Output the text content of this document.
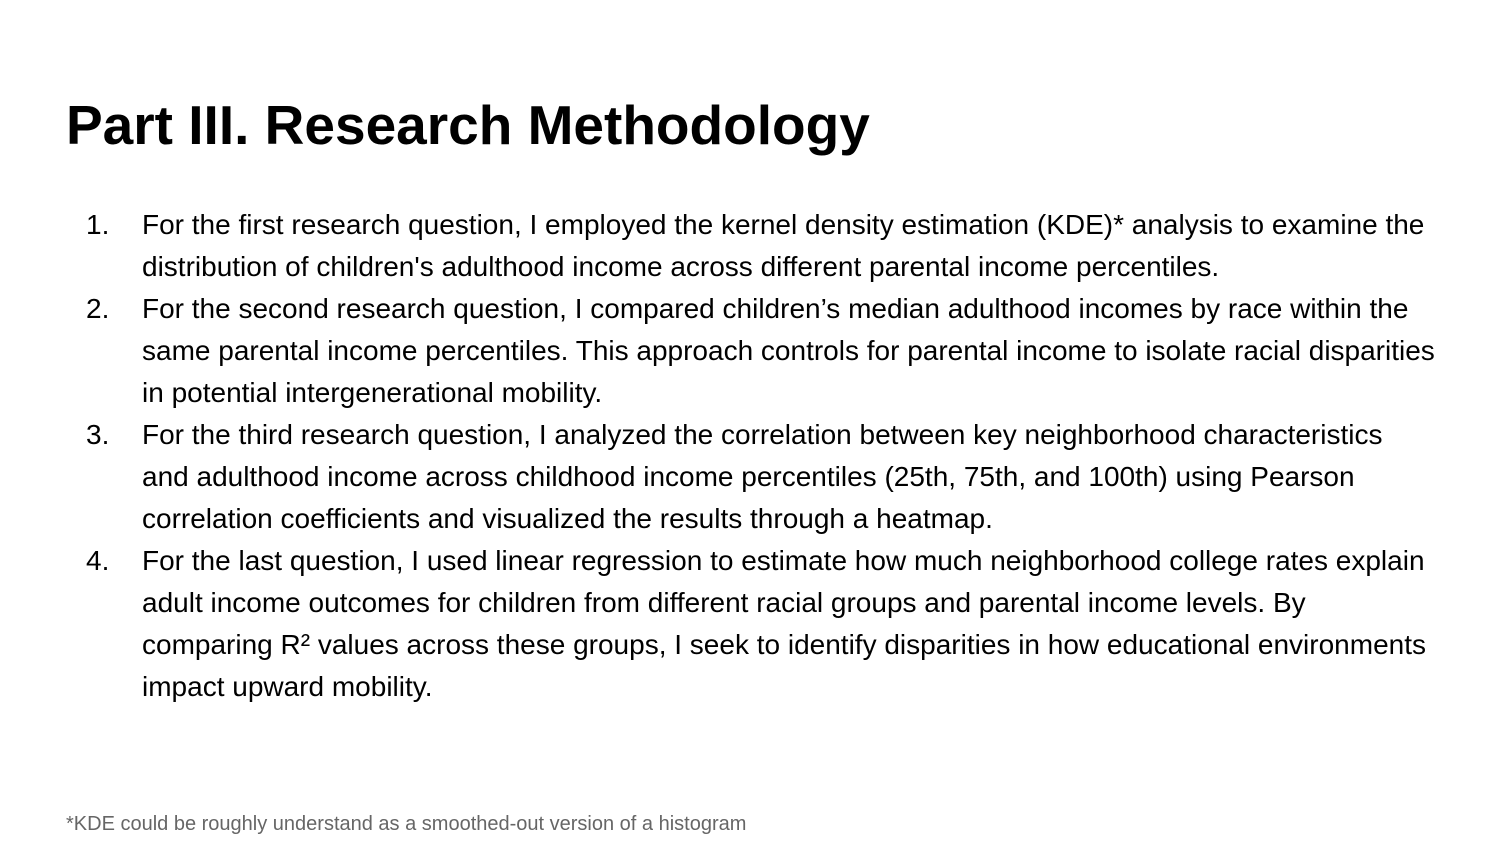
Part III. Research Methodology
1. For the first research question, I employed the kernel density estimation (KDE)* analysis to examine the distribution of children's adulthood income across different parental income percentiles.
2. For the second research question, I compared children’s median adulthood incomes by race within the same parental income percentiles. This approach controls for parental income to isolate racial disparities in potential intergenerational mobility.
3. For the third research question, I analyzed the correlation between key neighborhood characteristics and adulthood income across childhood income percentiles (25th, 75th, and 100th) using Pearson correlation coefficients and visualized the results through a heatmap.
4. For the last question, I used linear regression to estimate how much neighborhood college rates explain adult income outcomes for children from different racial groups and parental income levels. By comparing R² values across these groups, I seek to identify disparities in how educational environments impact upward mobility.

*KDE could be roughly understand as a smoothed-out version of a histogram
